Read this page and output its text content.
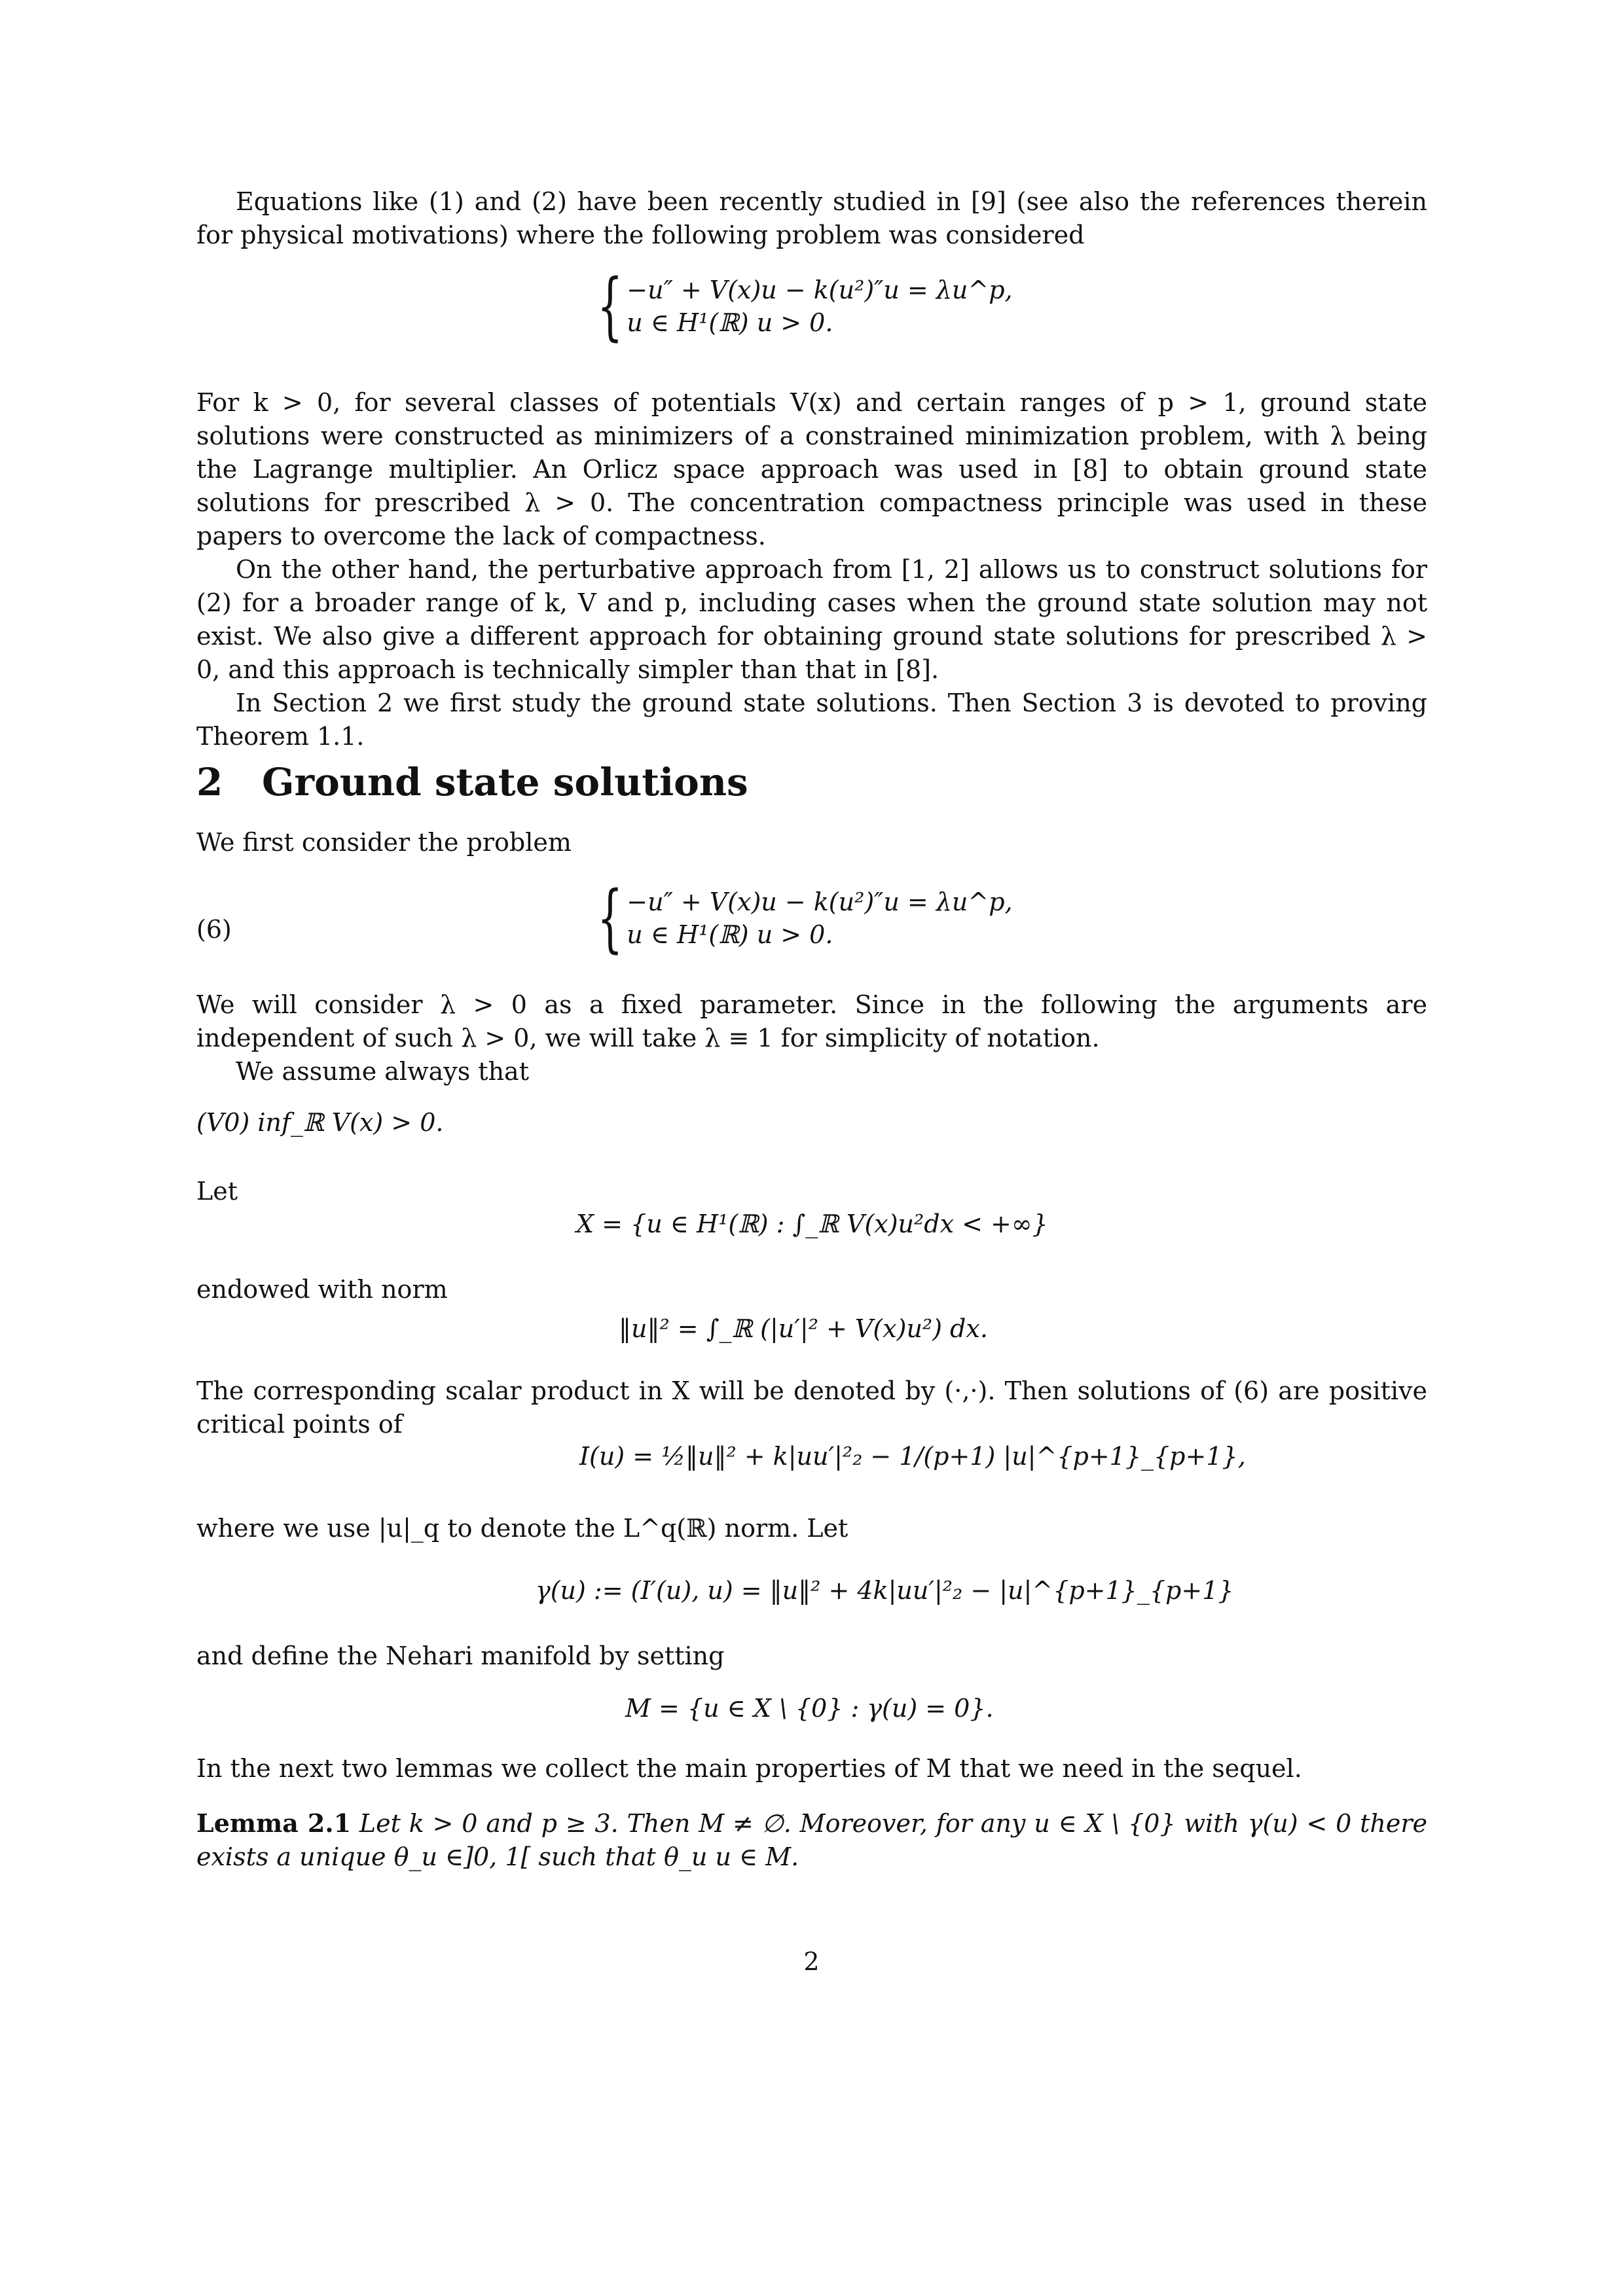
Equations like (1) and (2) have been recently studied in [9] (see also the references therein for physical motivations) where the following problem was considered

{ −u″ + V(x)u − k(u²)″u = λu^p,
u ∈ H¹(ℝ) u > 0.

For k > 0, for several classes of potentials V(x) and certain ranges of p > 1, ground state solutions were constructed as minimizers of a constrained minimization problem, with λ being the Lagrange multiplier. An Orlicz space approach was used in [8] to obtain ground state solutions for prescribed λ > 0. The concentration compactness principle was used in these papers to overcome the lack of compactness.

On the other hand, the perturbative approach from [1, 2] allows us to construct solutions for (2) for a broader range of k, V and p, including cases when the ground state solution may not exist. We also give a different approach for obtaining ground state solutions for prescribed λ > 0, and this approach is technically simpler than that in [8].

In Section 2 we first study the ground state solutions. Then Section 3 is devoted to proving Theorem 1.1.

2 Ground state solutions

We first consider the problem

(6)	{ −u″ + V(x)u − k(u²)″u = λu^p,
u ∈ H¹(ℝ) u > 0.

We will consider λ > 0 as a fixed parameter. Since in the following the arguments are independent of such λ > 0, we will take λ ≡ 1 for simplicity of notation.

We assume always that

(V0) inf_ℝ V(x) > 0.

Let

X = {u ∈ H¹(ℝ) : ∫_ℝ V(x)u²dx < +∞}

endowed with norm

‖u‖² = ∫_ℝ (|u′|² + V(x)u²) dx.

The corresponding scalar product in X will be denoted by (·,·). Then solutions of (6) are positive critical points of

I(u) = ½‖u‖² + k|uu′|²₂ − 1/(p+1) |u|^{p+1}_{p+1},

where we use |u|_q to denote the L^q(ℝ) norm. Let

γ(u) := (I′(u), u) = ‖u‖² + 4k|uu′|²₂ − |u|^{p+1}_{p+1}

and define the Nehari manifold by setting

M = {u ∈ X \ {0} : γ(u) = 0}.

In the next two lemmas we collect the main properties of M that we need in the sequel.

Lemma 2.1 Let k > 0 and p ≥ 3. Then M ≠ ∅. Moreover, for any u ∈ X \ {0} with γ(u) < 0 there exists a unique θ_u ∈]0, 1[ such that θ_u u ∈ M.

2
